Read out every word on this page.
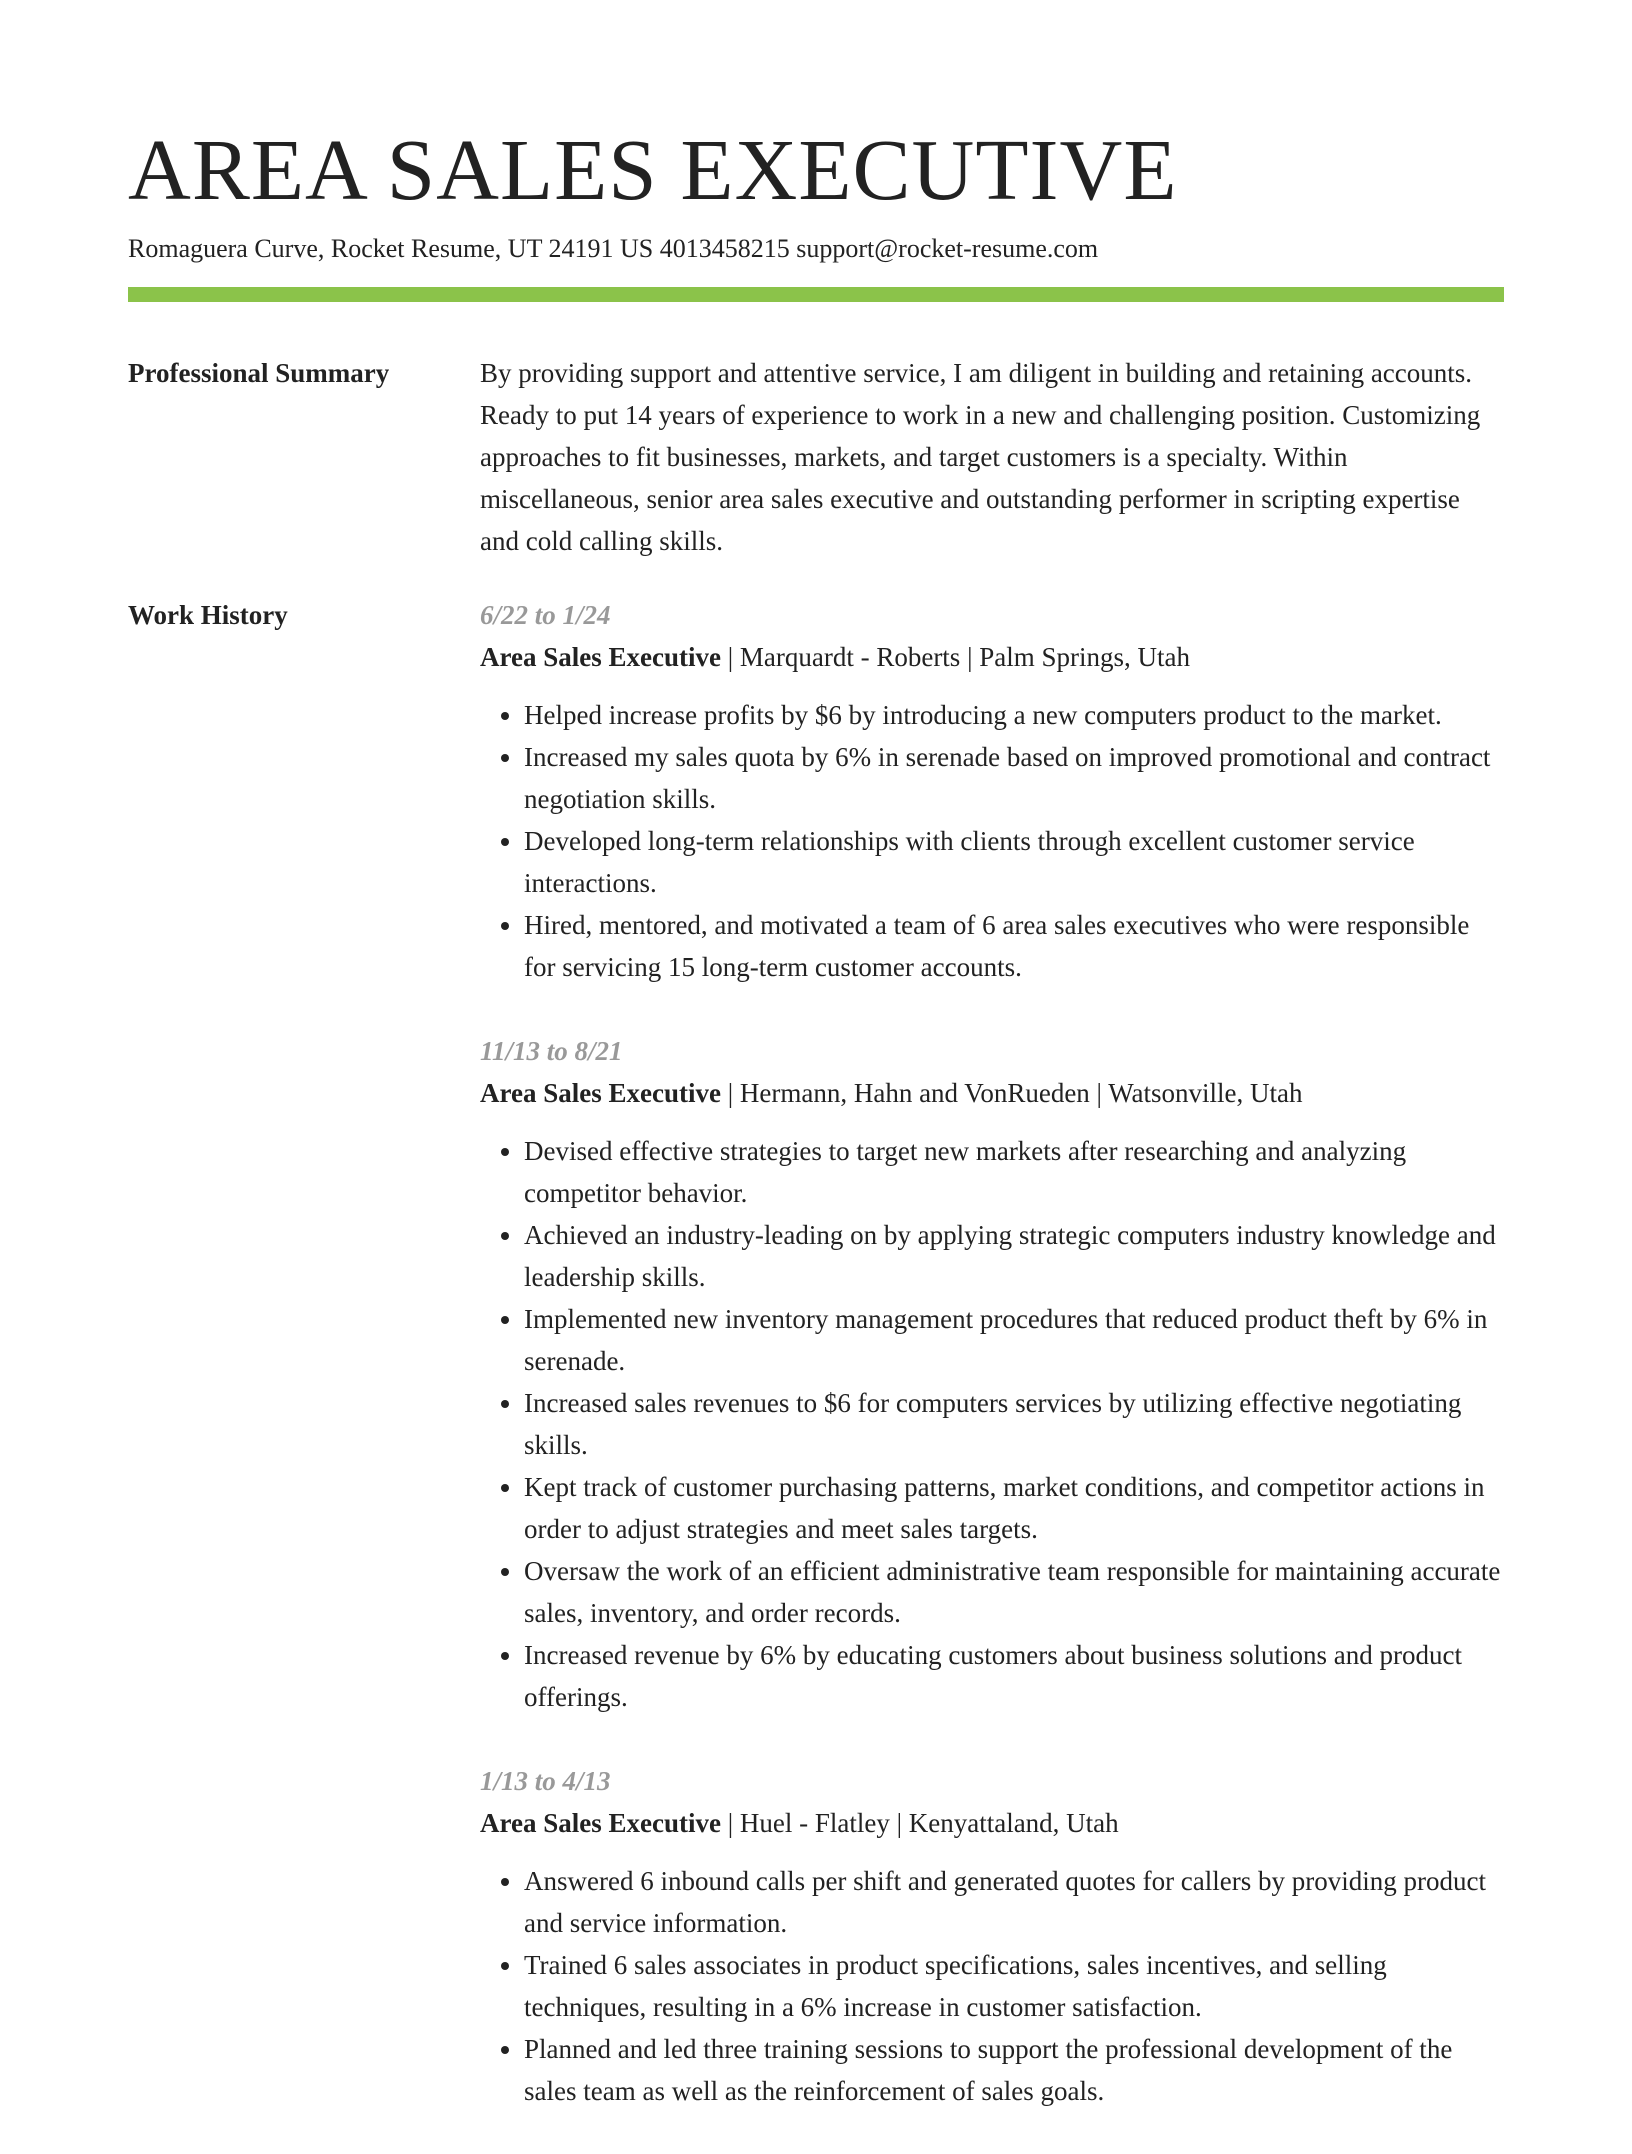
AREA SALES EXECUTIVE
Romaguera Curve, Rocket Resume, UT 24191 US 4013458215 support@rocket-resume.com
Professional Summary	By providing support and attentive service, I am diligent in building and retaining accounts. Ready to put 14 years of experience to work in a new and challenging position. Customizing approaches to fit businesses, markets, and target customers is a specialty. Within miscellaneous, senior area sales executive and outstanding performer in scripting expertise and cold calling skills.
Work History	6/22 to 1/24
Area Sales Executive | Marquardt - Roberts | Palm Springs, Utah
• Helped increase profits by $6 by introducing a new computers product to the market.
• Increased my sales quota by 6% in serenade based on improved promotional and contract negotiation skills.
• Developed long-term relationships with clients through excellent customer service interactions.
• Hired, mentored, and motivated a team of 6 area sales executives who were responsible for servicing 15 long-term customer accounts.
11/13 to 8/21
Area Sales Executive | Hermann, Hahn and VonRueden | Watsonville, Utah
• Devised effective strategies to target new markets after researching and analyzing competitor behavior.
• Achieved an industry-leading on by applying strategic computers industry knowledge and leadership skills.
• Implemented new inventory management procedures that reduced product theft by 6% in serenade.
• Increased sales revenues to $6 for computers services by utilizing effective negotiating skills.
• Kept track of customer purchasing patterns, market conditions, and competitor actions in order to adjust strategies and meet sales targets.
• Oversaw the work of an efficient administrative team responsible for maintaining accurate sales, inventory, and order records.
• Increased revenue by 6% by educating customers about business solutions and product offerings.
1/13 to 4/13
Area Sales Executive | Huel - Flatley | Kenyattaland, Utah
• Answered 6 inbound calls per shift and generated quotes for callers by providing product and service information.
• Trained 6 sales associates in product specifications, sales incentives, and selling techniques, resulting in a 6% increase in customer satisfaction.
• Planned and led three training sessions to support the professional development of the sales team as well as the reinforcement of sales goals.
